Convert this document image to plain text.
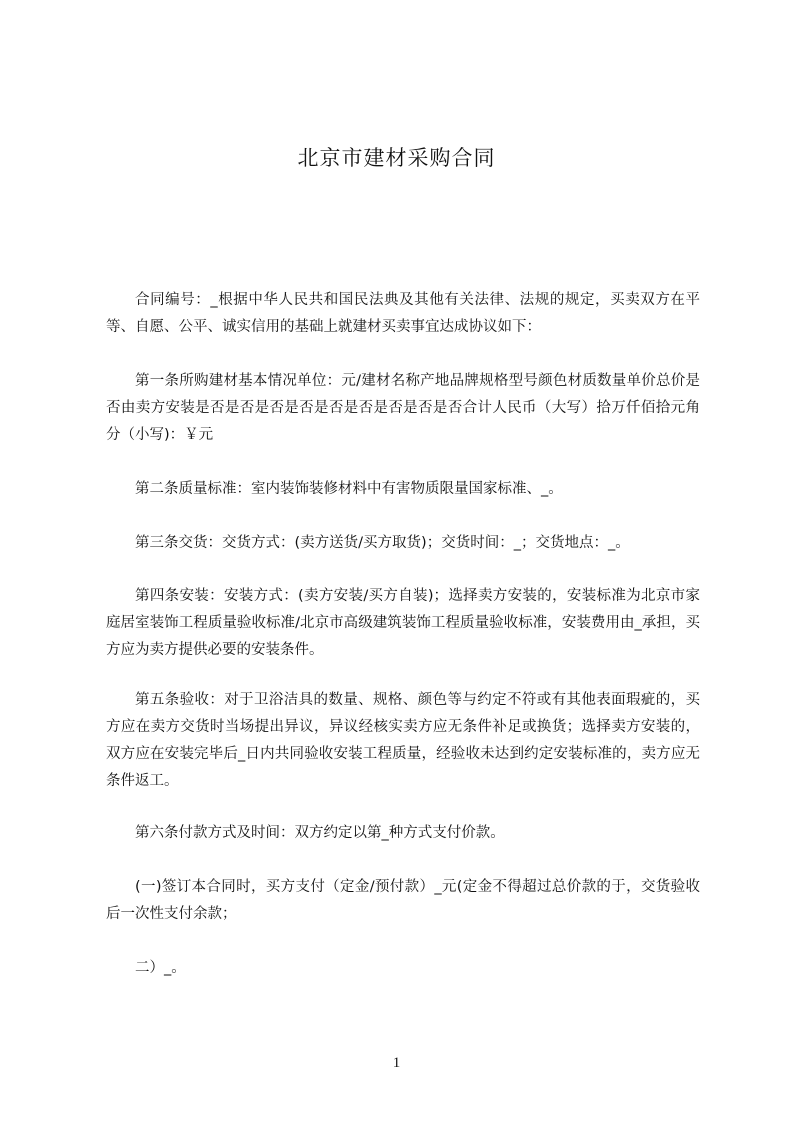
北京市建材采购合同

合同编号：_根据中华人民共和国民法典及其他有关法律、法规的规定，买卖双方在平等、自愿、公平、诚实信用的基础上就建材买卖事宜达成协议如下：

第一条所购建材基本情况单位：元/建材名称产地品牌规格型号颜色材质数量单价总价是否由卖方安装是否是否是否是否是否是否是否是否是否合计人民币（大写）拾万仟佰拾元角分（小写)：￥元

第二条质量标准：室内装饰装修材料中有害物质限量国家标准、_。

第三条交货：交货方式：(卖方送货/买方取货)；交货时间：_；交货地点：_。

第四条安装：安装方式：(卖方安装/买方自装)；选择卖方安装的，安装标准为北京市家庭居室装饰工程质量验收标准/北京市高级建筑装饰工程质量验收标准，安装费用由_承担，买方应为卖方提供必要的安装条件。

第五条验收：对于卫浴洁具的数量、规格、颜色等与约定不符或有其他表面瑕疵的，买方应在卖方交货时当场提出异议，异议经核实卖方应无条件补足或换货；选择卖方安装的，双方应在安装完毕后_日内共同验收安装工程质量，经验收未达到约定安装标准的，卖方应无条件返工。

第六条付款方式及时间：双方约定以第_种方式支付价款。

(一)签订本合同时，买方支付（定金/预付款）_元(定金不得超过总价款的于，交货验收后一次性支付余款；

二）_。

1
